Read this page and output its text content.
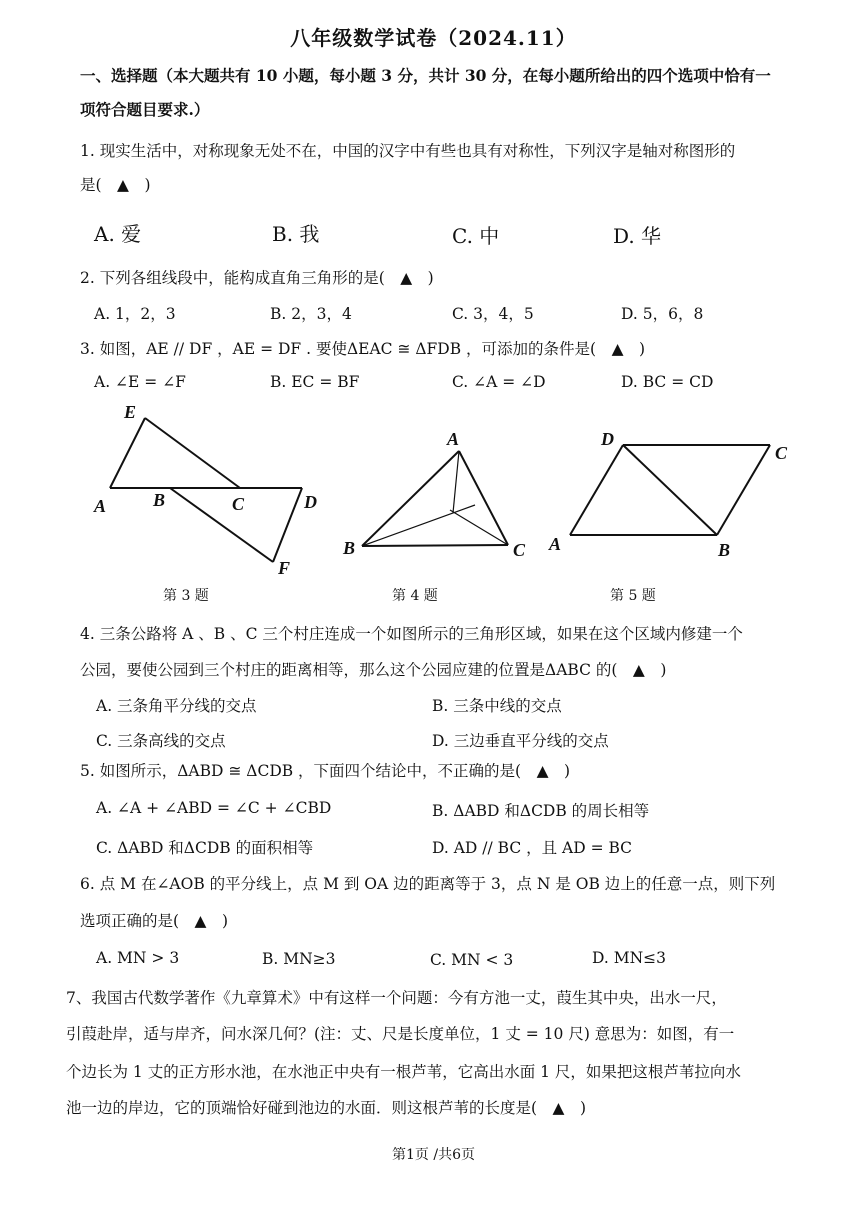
八年级数学试卷（2024.11）
一、选择题（本大题共有 10 小题，每小题 3 分，共计 30 分，在每小题所给出的四个选项中恰有一
项符合题目要求.）
1. 现实生活中，对称现象无处不在，中国的汉字中有些也具有对称性，下列汉字是轴对称图形的
是(　▲　)
A. 爱	B. 我	C. 中	D. 华
2. 下列各组线段中，能构成直角三角形的是(　▲　)
A. 1，2，3	B. 2，3，4	C. 3，4，5	D. 5，6，8
3. 如图，AE // DF ，AE = DF . 要使ΔEAC ≅ ΔFDB ，可添加的条件是(　▲　)
A. ∠E = ∠F	B. EC = BF	C. ∠A = ∠D	D. BC = CD
E
A	B	C	D
F
第 3 题
A
B	C
第 4 题
D
C
A	B
第 5 题
4. 三条公路将 A 、B 、C 三个村庄连成一个如图所示的三角形区域，如果在这个区域内修建一个
公园，要使公园到三个村庄的距离相等，那么这个公园应建的位置是ΔABC 的(　▲　)
A. 三条角平分线的交点	B. 三条中线的交点
C. 三条高线的交点	D. 三边垂直平分线的交点
5. 如图所示，ΔABD ≅ ΔCDB ，下面四个结论中，不正确的是(　▲　)
A. ∠A + ∠ABD = ∠C + ∠CBD	B. ΔABD 和ΔCDB 的周长相等
C. ΔABD 和ΔCDB 的面积相等	D. AD // BC ，且 AD = BC
6. 点 M 在∠AOB 的平分线上，点 M 到 OA 边的距离等于 3，点 N 是 OB 边上的任意一点，则下列
选项正确的是(　▲　)
A. MN > 3	B. MN≥3	C. MN < 3	D. MN≤3
7、我国古代数学著作《九章算术》中有这样一个问题：今有方池一丈，葭生其中央，出水一尺，
引葭赴岸，适与岸齐，问水深几何？(注：丈、尺是长度单位，1 丈 = 10 尺) 意思为：如图，有一
个边长为 1 丈的正方形水池，在水池正中央有一根芦苇，它高出水面 1 尺，如果把这根芦苇拉向水
池一边的岸边，它的顶端恰好碰到池边的水面．则这根芦苇的长度是(　▲　)
第1页 /共6页
